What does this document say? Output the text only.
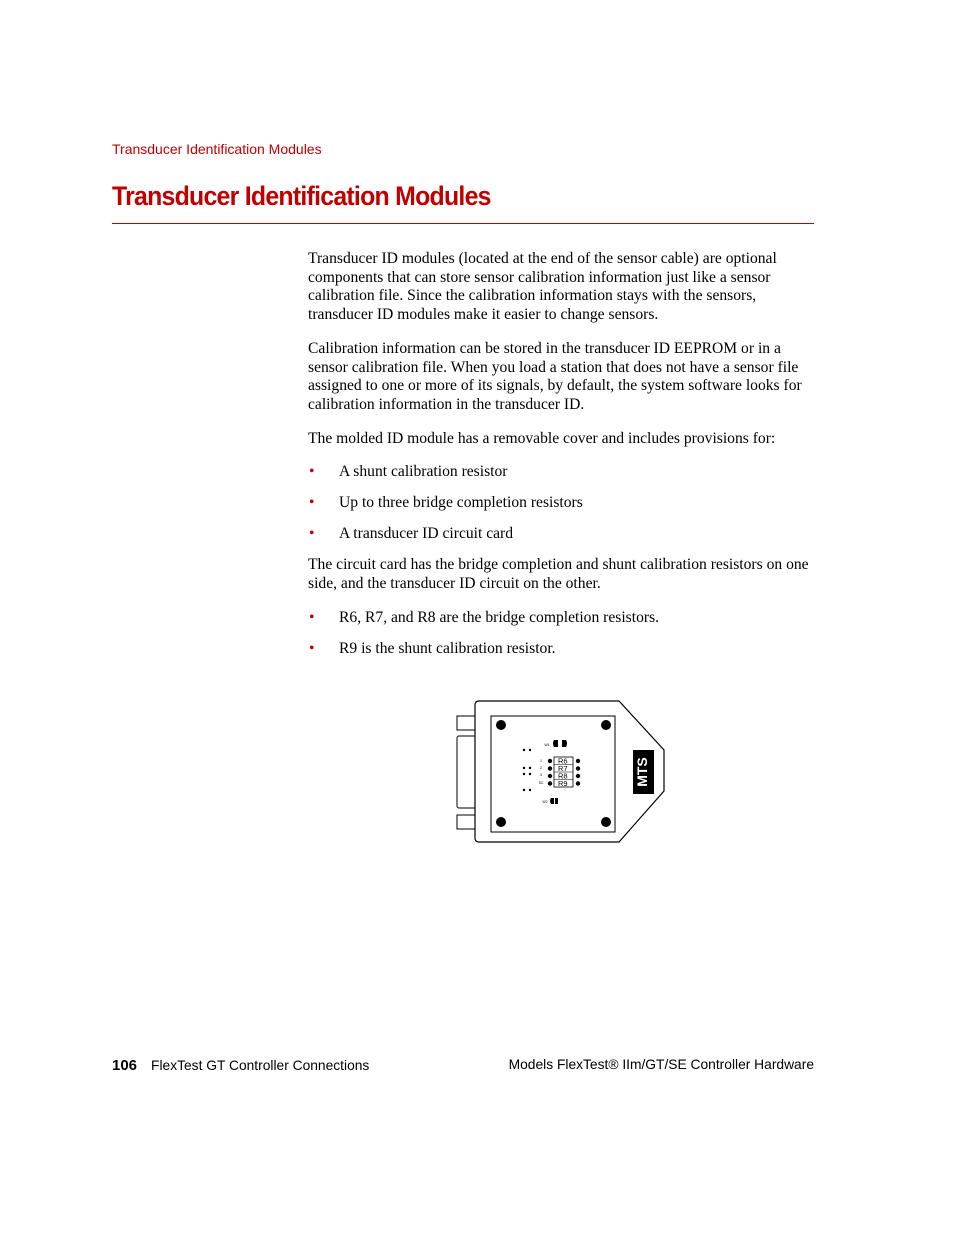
Transducer Identification Modules
Transducer Identification Modules

Transducer ID modules (located at the end of the sensor cable) are optional components that can store sensor calibration information just like a sensor calibration file. Since the calibration information stays with the sensors, transducer ID modules make it easier to change sensors.

Calibration information can be stored in the transducer ID EEPROM or in a sensor calibration file. When you load a station that does not have a sensor file assigned to one or more of its signals, by default, the system software looks for calibration information in the transducer ID.

The molded ID module has a removable cover and includes provisions for:

• A shunt calibration resistor
• Up to three bridge completion resistors
• A transducer ID circuit card

The circuit card has the bridge completion and shunt calibration resistors on one side, and the transducer ID circuit on the other.

• R6, R7, and R8 are the bridge completion resistors.
• R9 is the shunt calibration resistor.
MTS
W1
1
2
3
SC
R6
R7
R8
R9
W2
106 FlexTest GT Controller Connections	Models FlexTest® IIm/GT/SE Controller Hardware
